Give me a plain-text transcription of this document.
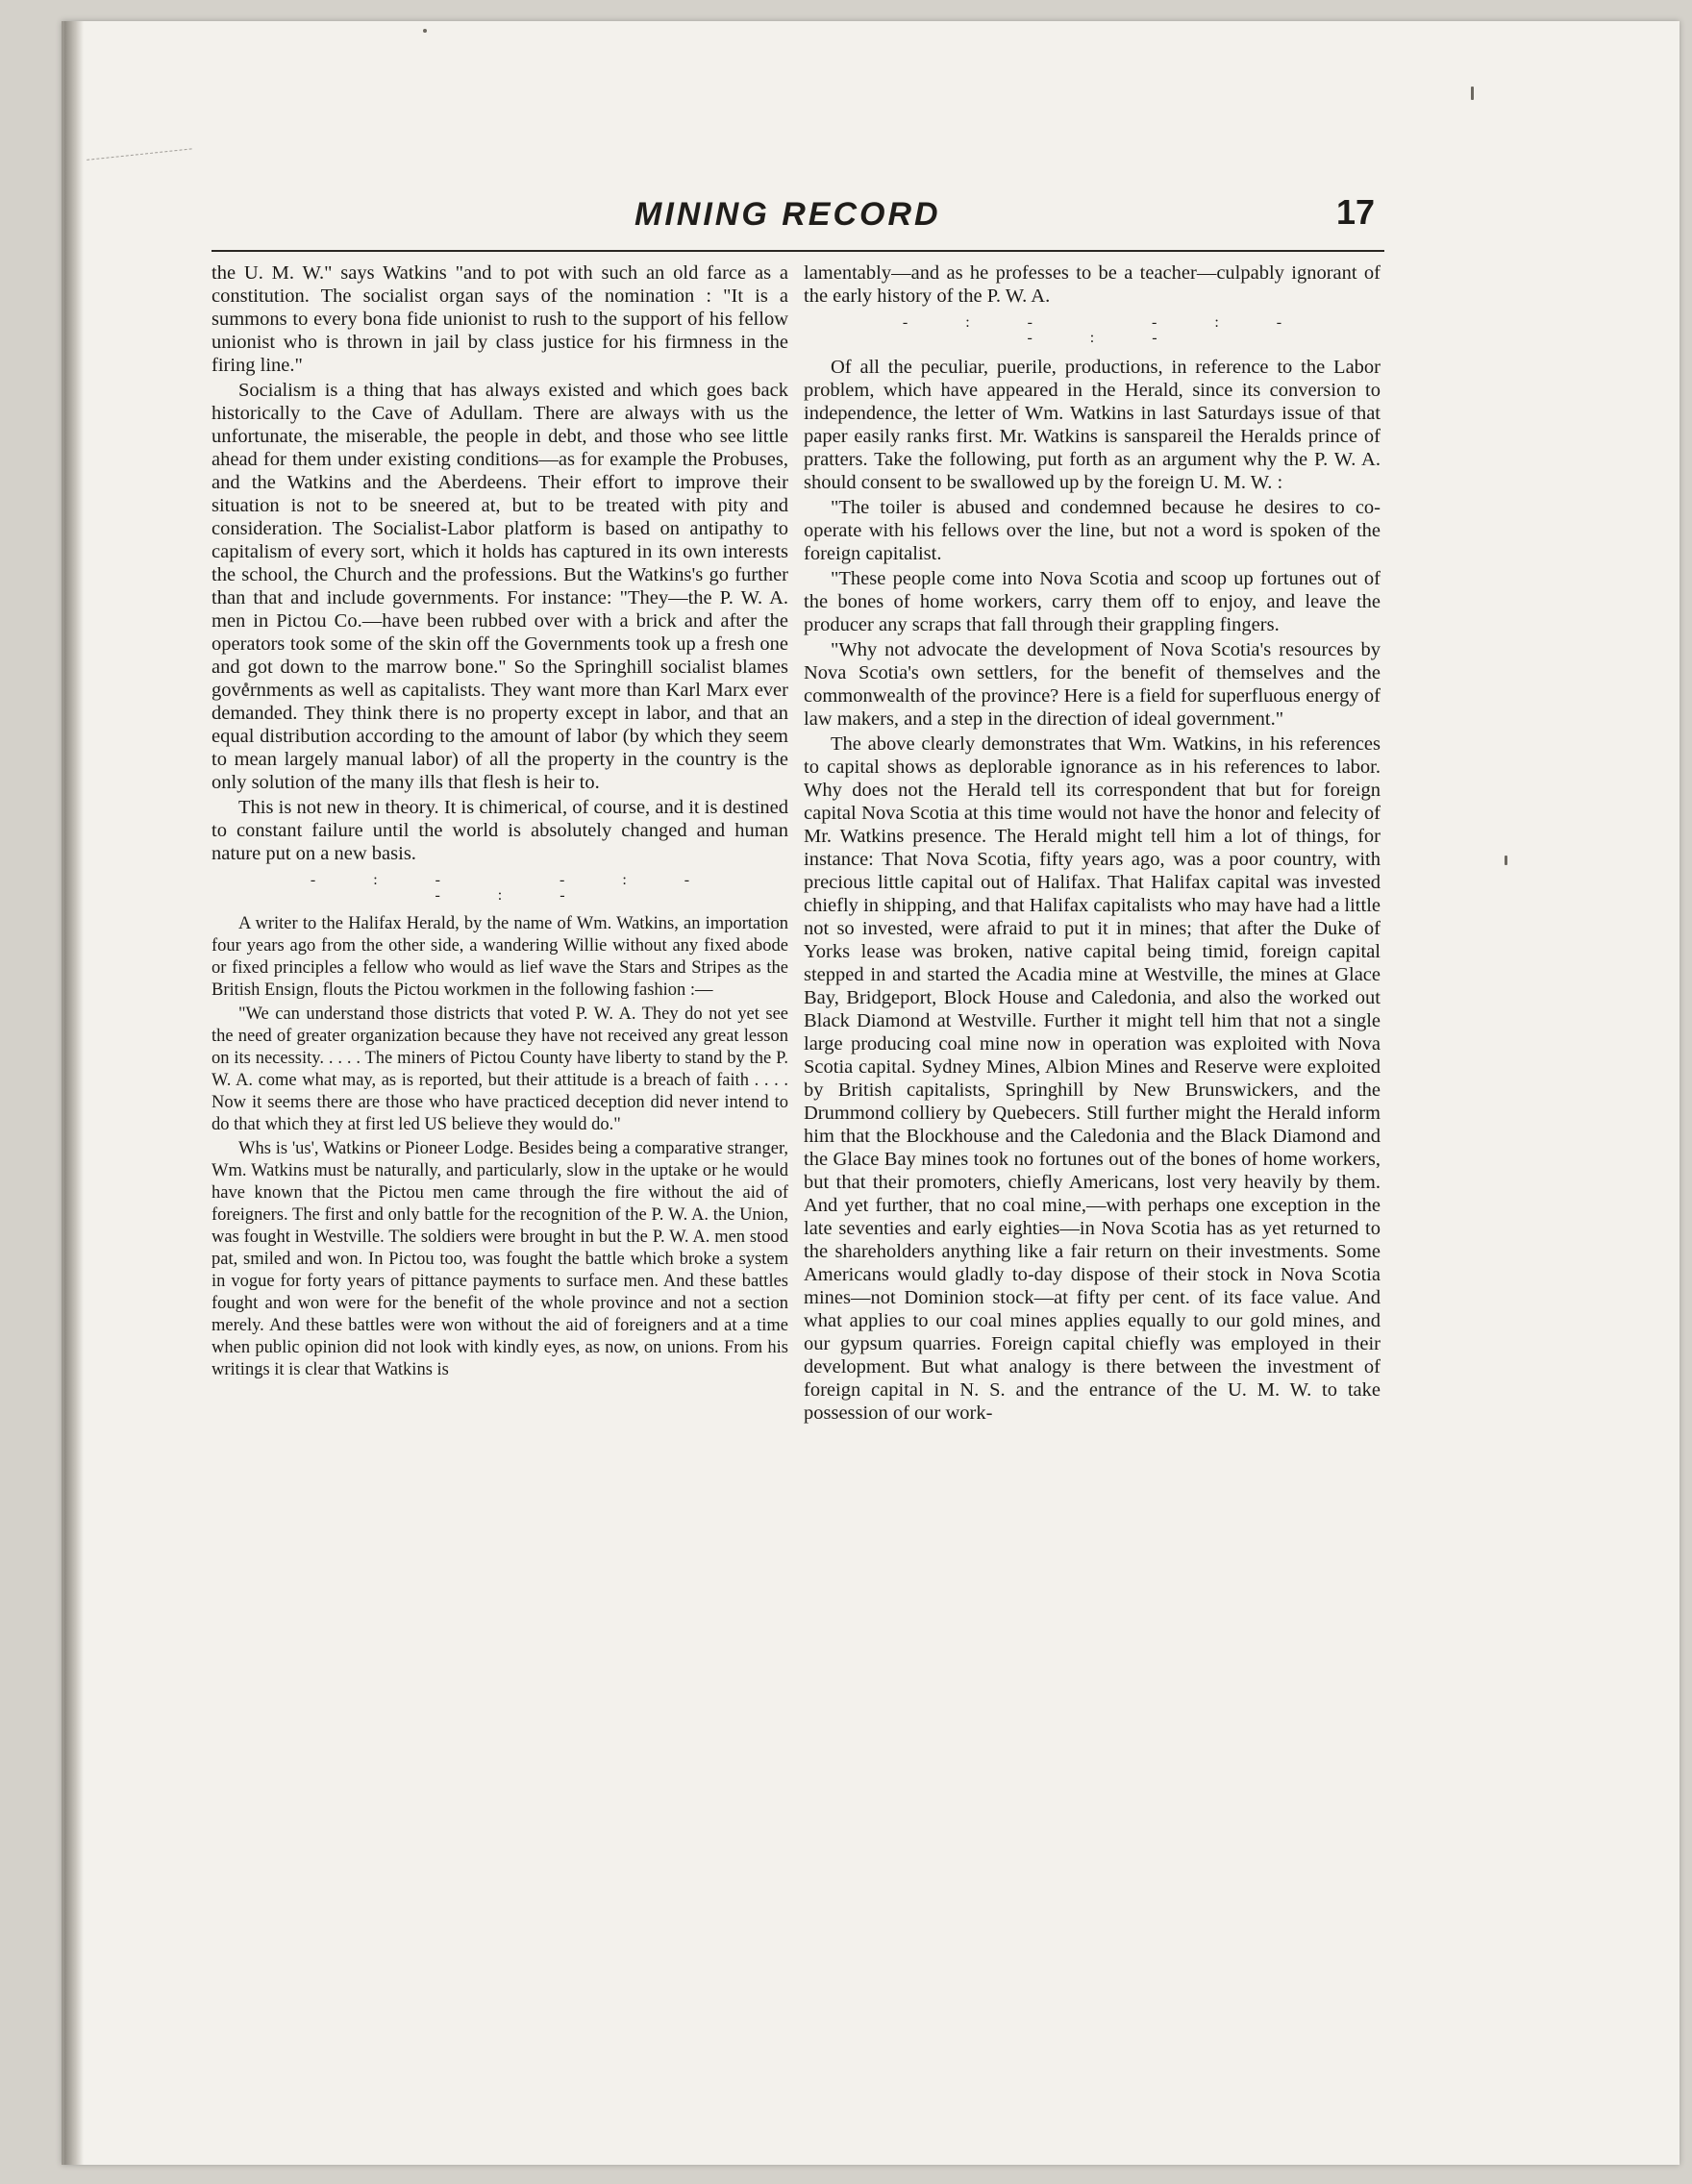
MINING RECORD	17

the U. M. W." says Watkins "and to pot with such an old farce as a constitution. The socialist organ says of the nomination : "It is a summons to every bona fide unionist to rush to the support of his fellow unionist who is thrown in jail by class justice for his firmness in the firing line."

Socialism is a thing that has always existed and which goes back historically to the Cave of Adullam. There are always with us the unfortunate, the miserable, the people in debt, and those who see little ahead for them under existing conditions—as for example the Probuses, and the Watkins and the Aberdeens. Their effort to improve their situation is not to be sneered at, but to be treated with pity and consideration. The Socialist-Labor platform is based on antipathy to capitalism of every sort, which it holds has captured in its own interests the school, the Church and the professions. But the Watkins's go further than that and include governments. For instance: "They—the P. W. A. men in Pictou Co.—have been rubbed over with a brick and after the operators took some of the skin off the Governments took up a fresh one and got down to the marrow bone." So the Springhill socialist blames governments as well as capitalists. They want more than Karl Marx ever demanded. They think there is no property except in labor, and that an equal distribution according to the amount of labor (by which they seem to mean largely manual labor) of all the property in the country is the only solution of the many ills that flesh is heir to.

This is not new in theory. It is chimerical, of course, and it is destined to constant failure until the world is absolutely changed and human nature put on a new basis.

-:- -:- -:-

A writer to the Halifax Herald, by the name of Wm. Watkins, an importation four years ago from the other side, a wandering Willie without any fixed abode or fixed principles a fellow who would as lief wave the Stars and Stripes as the British Ensign, flouts the Pictou workmen in the following fashion :—

"We can understand those districts that voted P. W. A. They do not yet see the need of greater organization because they have not received any great lesson on its necessity. . . . . The miners of Pictou County have liberty to stand by the P. W. A. come what may, as is reported, but their attitude is a breach of faith . . . . Now it seems there are those who have practiced deception did never intend to do that which they at first led US believe they would do."

Whs is 'us', Watkins or Pioneer Lodge. Besides being a comparative stranger, Wm. Watkins must be naturally, and particularly, slow in the uptake or he would have known that the Pictou men came through the fire without the aid of foreigners. The first and only battle for the recognition of the P. W. A. the Union, was fought in Westville. The soldiers were brought in but the P. W. A. men stood pat, smiled and won. In Pictou too, was fought the battle which broke a system in vogue for forty years of pittance payments to surface men. And these battles fought and won were for the benefit of the whole province and not a section merely. And these battles were won without the aid of foreigners and at a time when public opinion did not look with kindly eyes, as now, on unions. From his writings it is clear that Watkins is

lamentably—and as he professes to be a teacher—culpably ignorant of the early history of the P. W. A.

-:- -:- -:-

Of all the peculiar, puerile, productions, in reference to the Labor problem, which have appeared in the Herald, since its conversion to independence, the letter of Wm. Watkins in last Saturdays issue of that paper easily ranks first. Mr. Watkins is sanspareil the Heralds prince of pratters. Take the following, put forth as an argument why the P. W. A. should consent to be swallowed up by the foreign U. M. W. :

"The toiler is abused and condemned because he desires to co-operate with his fellows over the line, but not a word is spoken of the foreign capitalist.

"These people come into Nova Scotia and scoop up fortunes out of the bones of home workers, carry them off to enjoy, and leave the producer any scraps that fall through their grappling fingers.

"Why not advocate the development of Nova Scotia's resources by Nova Scotia's own settlers, for the benefit of themselves and the commonwealth of the province? Here is a field for superfluous energy of law makers, and a step in the direction of ideal government."

The above clearly demonstrates that Wm. Watkins, in his references to capital shows as deplorable ignorance as in his references to labor. Why does not the Herald tell its correspondent that but for foreign capital Nova Scotia at this time would not have the honor and felecity of Mr. Watkins presence. The Herald might tell him a lot of things, for instance: That Nova Scotia, fifty years ago, was a poor country, with precious little capital out of Halifax. That Halifax capital was invested chiefly in shipping, and that Halifax capitalists who may have had a little not so invested, were afraid to put it in mines; that after the Duke of Yorks lease was broken, native capital being timid, foreign capital stepped in and started the Acadia mine at Westville, the mines at Glace Bay, Bridgeport, Block House and Caledonia, and also the worked out Black Diamond at Westville. Further it might tell him that not a single large producing coal mine now in operation was exploited with Nova Scotia capital. Sydney Mines, Albion Mines and Reserve were exploited by British capitalists, Springhill by New Brunswickers, and the Drummond colliery by Quebecers. Still further might the Herald inform him that the Blockhouse and the Caledonia and the Black Diamond and the Glace Bay mines took no fortunes out of the bones of home workers, but that their promoters, chiefly Americans, lost very heavily by them. And yet further, that no coal mine,—with perhaps one exception in the late seventies and early eighties—in Nova Scotia has as yet returned to the shareholders anything like a fair return on their investments. Some Americans would gladly to-day dispose of their stock in Nova Scotia mines—not Dominion stock—at fifty per cent. of its face value. And what applies to our coal mines applies equally to our gold mines, and our gypsum quarries. Foreign capital chiefly was employed in their development. But what analogy is there between the investment of foreign capital in N. S. and the entrance of the U. M. W. to take possession of our work-
